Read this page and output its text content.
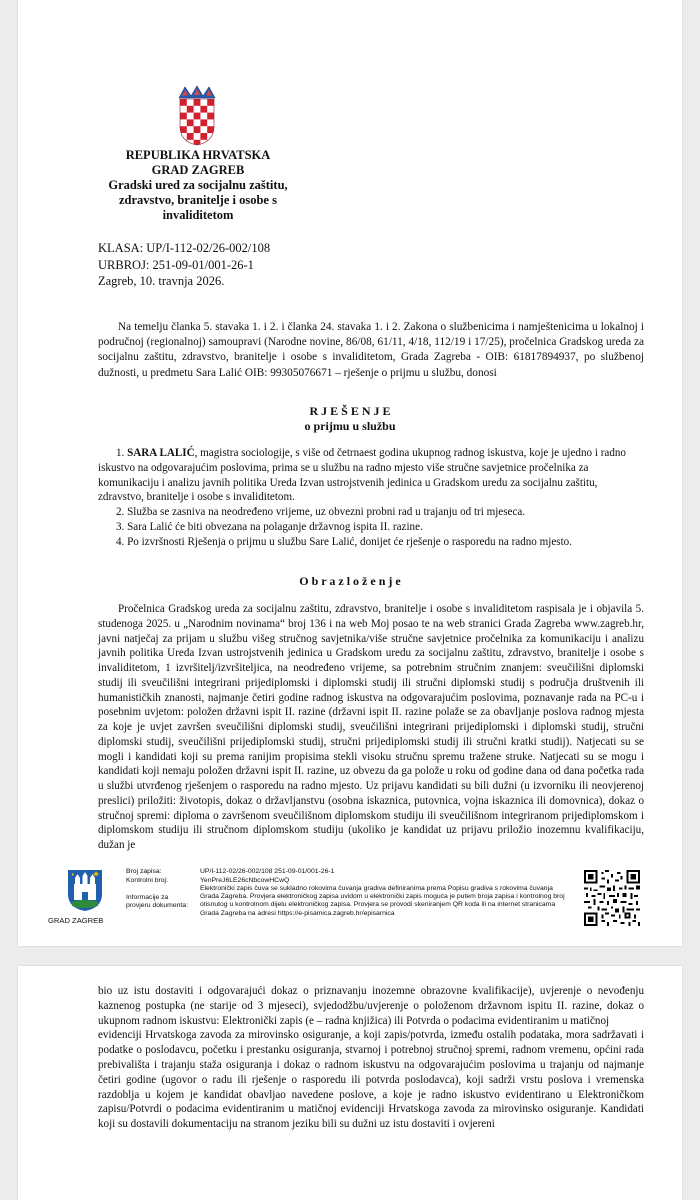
REPUBLIKA HRVATSKA
GRAD ZAGREB
Gradski ured za socijalnu zaštitu, zdravstvo, branitelje i osobe s invaliditetom
KLASA: UP/I-112-02/26-002/108
URBROJ: 251-09-01/001-26-1
Zagreb, 10. travnja 2026.

Na temelju članka 5. stavaka 1. i 2. i članka 24. stavaka 1. i 2. Zakona o službenicima i namještenicima u lokalnoj i područnoj (regionalnoj) samoupravi (Narodne novine, 86/08, 61/11, 4/18, 112/19 i 17/25), pročelnica Gradskog ureda za socijalnu zaštitu, zdravstvo, branitelje i osobe s invaliditetom, Grada Zagreba - OIB: 61817894937, po službenoj dužnosti, u predmetu Sara Lalić OIB: 99305076671 – rješenje o prijmu u službu, donosi

R J E Š E N J E
o prijmu u službu

1. SARA LALIĆ, magistra sociologije, s više od četrnaest godina ukupnog radnog iskustva, koje je ujedno i radno iskustvo na odgovarajućim poslovima, prima se u službu na radno mjesto više stručne savjetnice pročelnika za komunikaciju i analizu javnih politika Ureda Izvan ustrojstvenih jedinica u Gradskom uredu za socijalnu zaštitu, zdravstvo, branitelje i osobe s invaliditetom.

2. Služba se zasniva na neodređeno vrijeme, uz obvezni probni rad u trajanju od tri mjeseca.

3. Sara Lalić će biti obvezana na polaganje državnog ispita II. razine.

4. Po izvršnosti Rješenja o prijmu u službu Sare Lalić, donijet će rješenje o rasporedu na radno mjesto.

O b r a z l o ž e n j e

Pročelnica Gradskog ureda za socijalnu zaštitu, zdravstvo, branitelje i osobe s invaliditetom raspisala je i objavila 5. studenoga 2025. u „Narodnim novinama“ broj 136 i na web Moj posao te na web stranici Grada Zagreba www.zagreb.hr, javni natječaj za prijam u službu višeg stručnog savjetnika/više stručne savjetnice pročelnika za komunikaciju i analizu javnih politika Ureda Izvan ustrojstvenih jedinica u Gradskom uredu za socijalnu zaštitu, zdravstvo, branitelje i osobe s invaliditetom, 1 izvršitelj/izvršiteljica, na neodređeno vrijeme, sa potrebnim stručnim znanjem: sveučilišni diplomski studij ili sveučilišni integrirani prijediplomski i diplomski studij ili stručni diplomski studij s područja društvenih ili humanističkih znanosti, najmanje četiri godine radnog iskustva na odgovarajućim poslovima, poznavanje rada na PC-u i posebnim uvjetom: položen državni ispit II. razine (državni ispit II. razine polaže se za obavljanje poslova radnog mjesta za koje je uvjet završen sveučilišni diplomski studij, sveučilišni integrirani prijediplomski i diplomski studij, stručni diplomski studij, sveučilišni prijediplomski studij, stručni prijediplomski studij ili stručni kratki studij). Natjecati su se mogli i kandidati koji su prema ranijim propisima stekli visoku stručnu spremu tražene struke. Natjecati su se mogu i kandidati koji nemaju položen državni ispit II. razine, uz obvezu da ga polože u roku od godine dana od dana početka rada u službi utvrđenog rješenjem o rasporedu na radno mjesto. Uz prijavu kandidati su bili dužni (u izvorniku ili neovjerenoj preslici) priložiti: životopis, dokaz o državljanstvu (osobna iskaznica, putovnica, vojna iskaznica ili domovnica), dokaz o stručnoj spremi: diploma o završenom sveučilišnom diplomskom studiju ili sveučilišnom integriranom prijediplomskom i diplomskom studiju ili stručnom diplomskom studiju (ukoliko je kandidat uz prijavu priložio inozemnu kvalifikaciju, dužan je

GRAD ZAGREB
Broj zapisa:
Kontrolni broj:
Informacije za provjeru dokumenta:
UP/I-112-02/26-002/108 251-09-01/001-26-1
YenPreJ6LE26cNbcowHCwQ
Elektronički zapis čuva se sukladno rokovima čuvanja gradiva definiranima prema Popisu gradiva s rokovima čuvanja Grada Zagreba. Provjera elektroničkog zapisa uvidom u elektronički zapis moguća je putem broja zapisa i kontrolnog broj otisnutog u kontrolnom dijelu elektroničkog zapisa. Provjera se provodi skeniranjem QR koda ili na internet stranicama Grada Zagreba na adresi https://e-pisamica.zagreb.hr/episarnica

bio uz istu dostaviti i odgovarajući dokaz o priznavanju inozemne obrazovne kvalifikacije), uvjerenje o nevođenju kaznenog postupka (ne starije od 3 mjeseci), svjedodžbu/uvjerenje o položenom državnom ispitu II. razine, dokaz o ukupnom radnom iskustvu: Elektronički zapis (e – radna knjižica) ili Potvrda o podacima evidentiranim u matičnoj

evidenciji Hrvatskoga zavoda za mirovinsko osiguranje, a koji zapis/potvrda, između ostalih podataka, mora sadržavati i podatke o poslodavcu, početku i prestanku osiguranja, stvarnoj i potrebnoj stručnoj spremi, radnom vremenu, općini rada prebivališta i trajanju staža osiguranja i dokaz o radnom iskustvu na odgovarajućim poslovima u trajanju od najmanje četiri godine (ugovor o radu ili rješenje o rasporedu ili potvrda poslodavca), koji sadrži vrstu poslova i vremenska razdoblja u kojem je kandidat obavljao navedene poslove, a koje je radno iskustvo evidentirano u Elektroničkom zapisu/Potvrdi o podacima evidentiranim u matičnoj evidenciji Hrvatskoga zavoda za mirovinsko osiguranje. Kandidati koji su dostavili dokumentaciju na stranom jeziku bili su dužni uz istu dostaviti i ovjereni
